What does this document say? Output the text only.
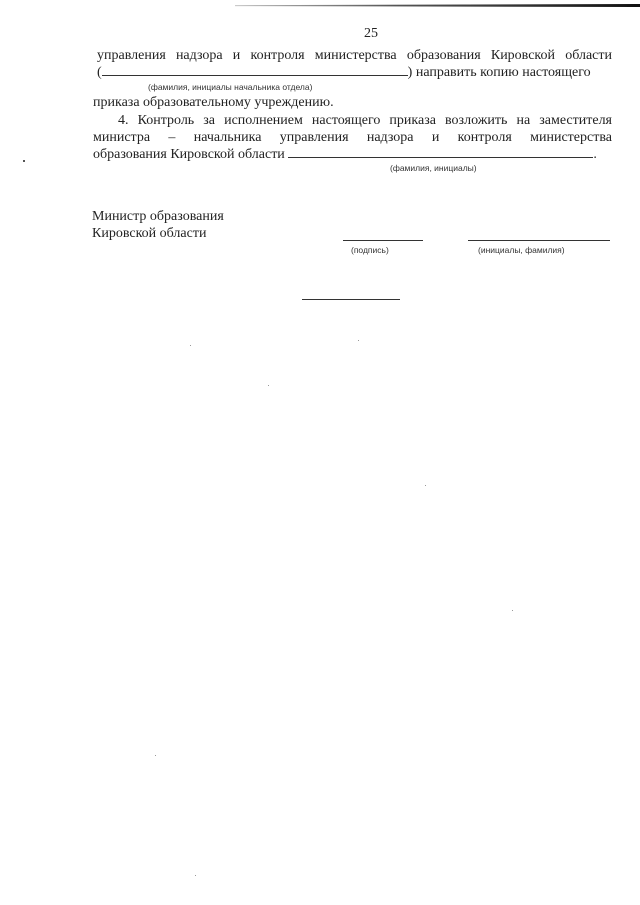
25
управления надзора и контроля министерства образования Кировской области
(	) направить копию настоящего
(фамилия, инициалы начальника отдела)
приказа образовательному учреждению.
4. Контроль за исполнением настоящего приказа возложить на заместителя
министра – начальника управления надзора и контроля министерства
образования Кировской области	.
(фамилия, инициалы)
Министр образования
Кировской области
(подпись)	(инициалы, фамилия)
